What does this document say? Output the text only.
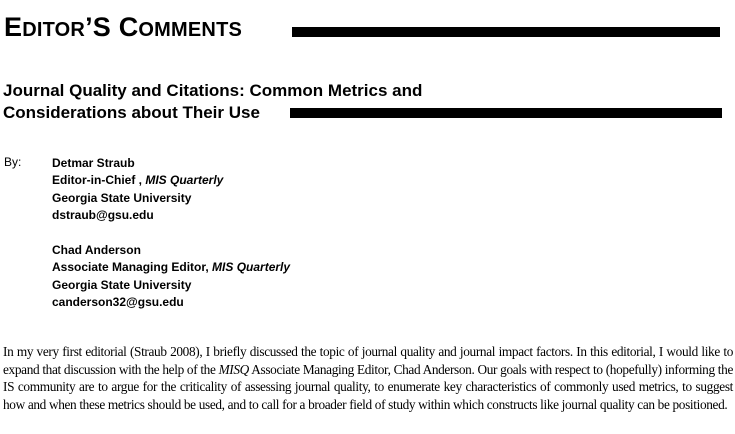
EDITOR’S COMMENTS
Journal Quality and Citations: Common Metrics and
Considerations about Their Use
By:	Detmar Straub
Editor-in-Chief , MIS Quarterly
Georgia State University
dstraub@gsu.edu
Chad Anderson
Associate Managing Editor, MIS Quarterly
Georgia State University
canderson32@gsu.edu
In my very first editorial (Straub 2008), I briefly discussed the topic of journal quality and journal impact factors. In this editorial, I would like to expand that discussion with the help of the MISQ Associate Managing Editor, Chad Anderson. Our goals with respect to (hopefully) informing the IS community are to argue for the criticality of assessing journal quality, to enumerate key characteristics of commonly used metrics, to suggest how and when these metrics should be used, and to call for a broader field of study within which constructs like journal quality can be positioned.
